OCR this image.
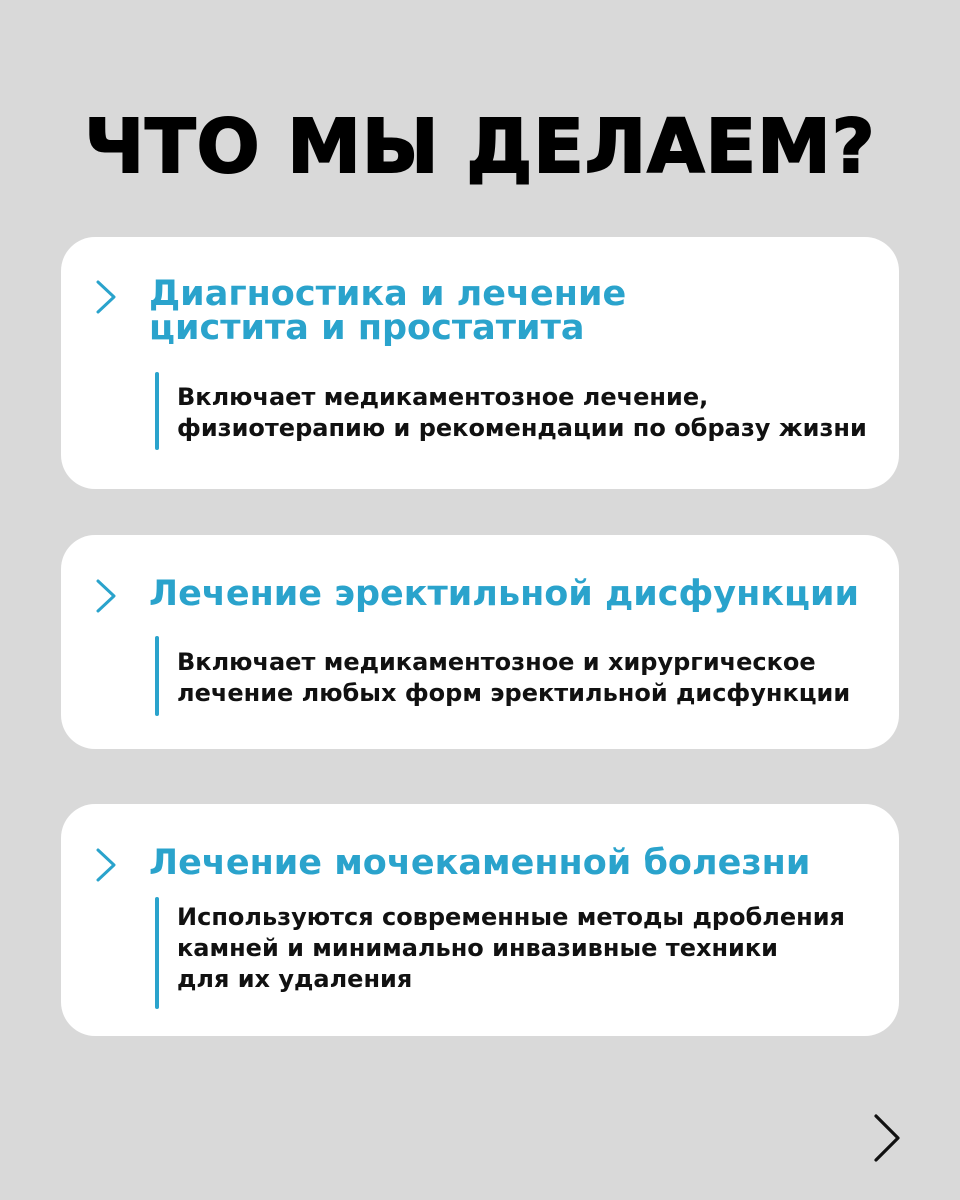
ЧТО МЫ ДЕЛАЕМ?
Диагностика и лечение
цистита и простатита

Включает медикаментозное лечение,
физиотерапию и рекомендации по образу жизни

Лечение эректильной дисфункции

Включает медикаментозное и хирургическое
лечение любых форм эректильной дисфункции

Лечение мочекаменной болезни

Используются современные методы дробления
камней и минимально инвазивные техники
для их удаления
